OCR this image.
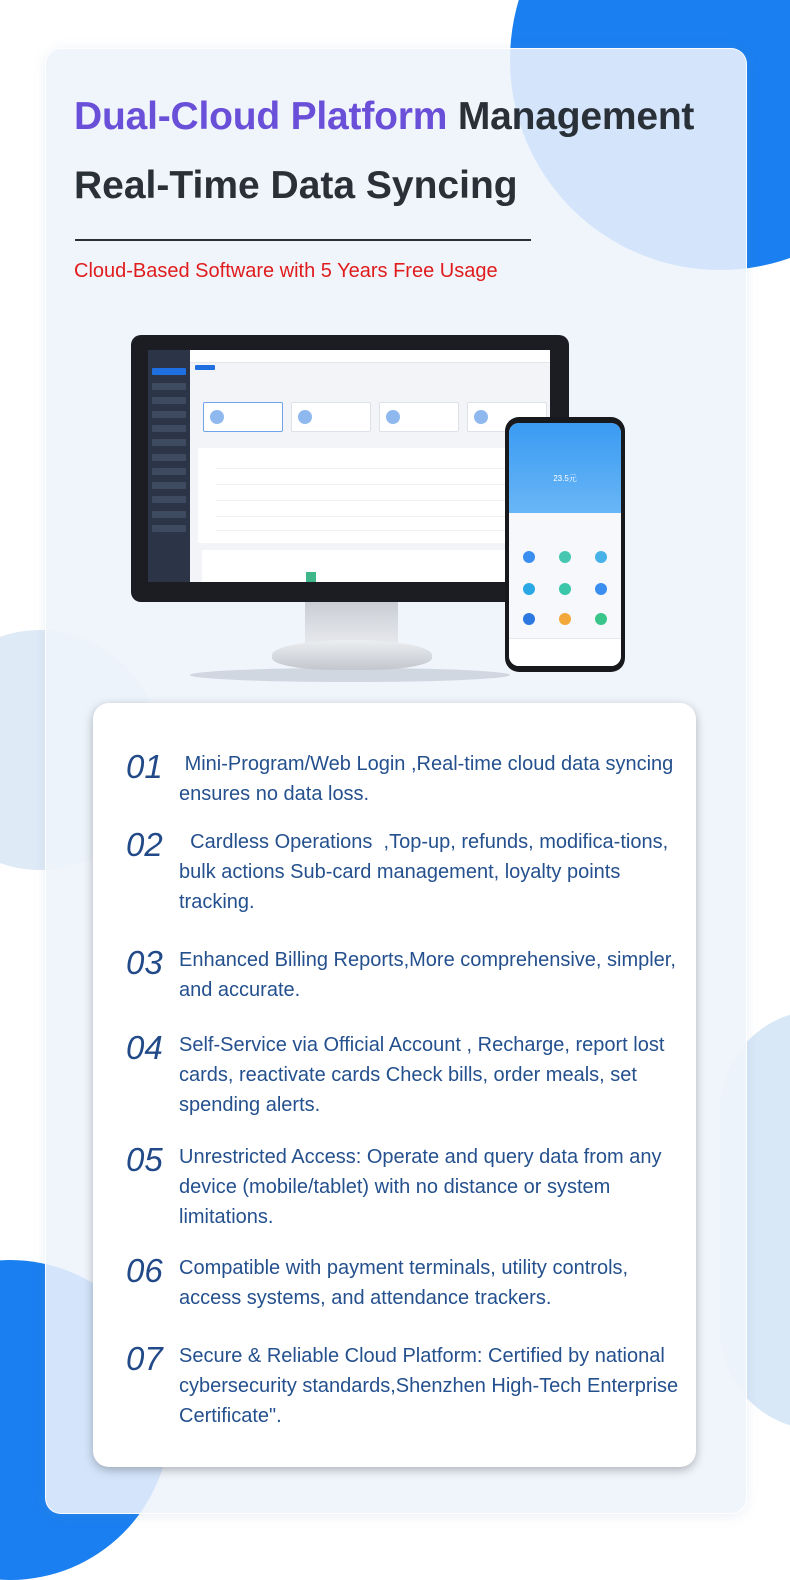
Dual-Cloud Platform Management
Real-Time Data Syncing
Cloud-Based Software with 5 Years Free Usage
23.5元
01 Mini-Program/Web Login ,Real-time cloud data syncing ensures no data loss.
02 Cardless Operations  ,Top-up, refunds, modifica-tions, bulk actions Sub-card management, loyalty points tracking.
03 Enhanced Billing Reports,More comprehensive, simpler, and accurate.
04 Self-Service via Official Account , Recharge, report lost cards, reactivate cards Check bills, order meals, set spending alerts.
05 Unrestricted Access: Operate and query data from any device (mobile/tablet) with no distance or system limitations.
06 Compatible with payment terminals, utility controls, access systems, and attendance trackers.
07 Secure & Reliable Cloud Platform: Certified by national cybersecurity standards,Shenzhen High-Tech Enterprise Certificate".
